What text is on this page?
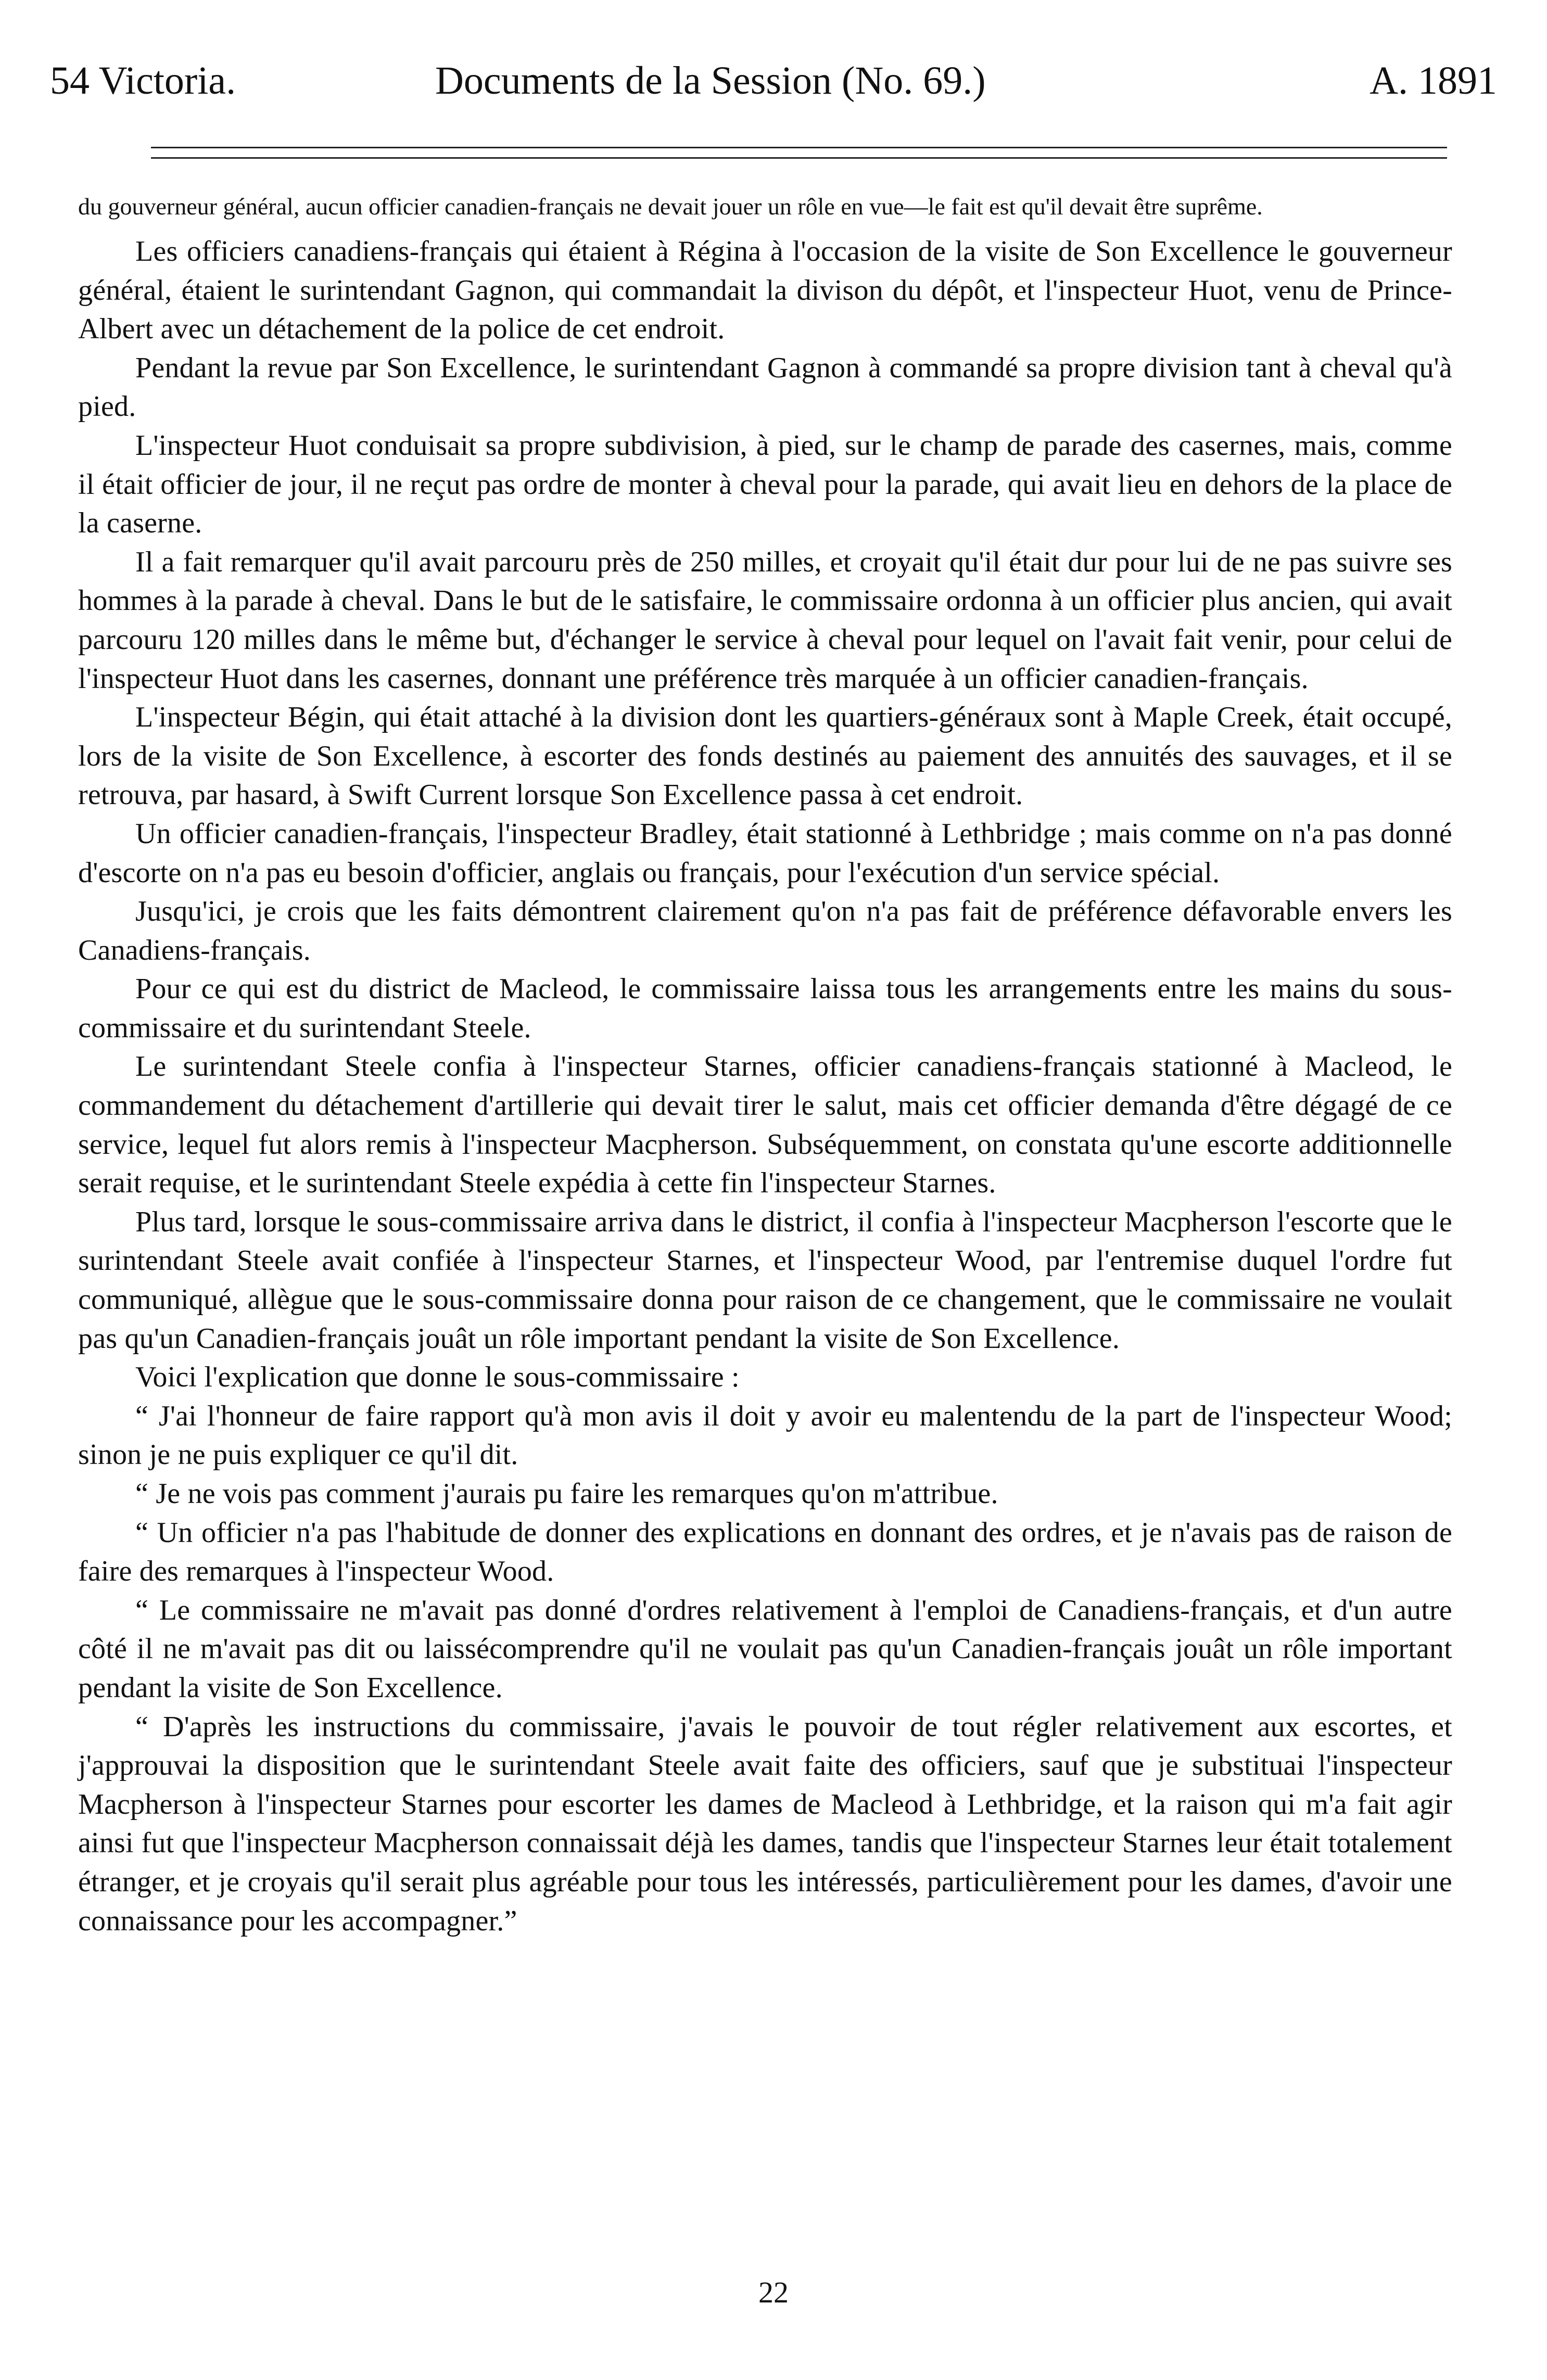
54 Victoria.	Documents de la Session (No. 69.)	A. 1891

du gouverneur général, aucun officier canadien-français ne devait jouer un rôle en vue—le fait est qu'il devait être suprême.

Les officiers canadiens-français qui étaient à Régina à l'occasion de la visite de Son Excellence le gouverneur général, étaient le surintendant Gagnon, qui commandait la divison du dépôt, et l'inspecteur Huot, venu de Prince-Albert avec un détachement de la police de cet endroit.

Pendant la revue par Son Excellence, le surintendant Gagnon à commandé sa propre division tant à cheval qu'à pied.

L'inspecteur Huot conduisait sa propre subdivision, à pied, sur le champ de parade des casernes, mais, comme il était officier de jour, il ne reçut pas ordre de monter à cheval pour la parade, qui avait lieu en dehors de la place de la caserne.

Il a fait remarquer qu'il avait parcouru près de 250 milles, et croyait qu'il était dur pour lui de ne pas suivre ses hommes à la parade à cheval. Dans le but de le satisfaire, le commissaire ordonna à un officier plus ancien, qui avait parcouru 120 milles dans le même but, d'échanger le service à cheval pour lequel on l'avait fait venir, pour celui de l'inspecteur Huot dans les casernes, donnant une préférence très marquée à un officier canadien-français.

L'inspecteur Bégin, qui était attaché à la division dont les quartiers-généraux sont à Maple Creek, était occupé, lors de la visite de Son Excellence, à escorter des fonds destinés au paiement des annuités des sauvages, et il se retrouva, par hasard, à Swift Current lorsque Son Excellence passa à cet endroit.

Un officier canadien-français, l'inspecteur Bradley, était stationné à Lethbridge ; mais comme on n'a pas donné d'escorte on n'a pas eu besoin d'officier, anglais ou français, pour l'exécution d'un service spécial.

Jusqu'ici, je crois que les faits démontrent clairement qu'on n'a pas fait de préférence défavorable envers les Canadiens-français.

Pour ce qui est du district de Macleod, le commissaire laissa tous les arrangements entre les mains du sous-commissaire et du surintendant Steele.

Le surintendant Steele confia à l'inspecteur Starnes, officier canadiens-français stationné à Macleod, le commandement du détachement d'artillerie qui devait tirer le salut, mais cet officier demanda d'être dégagé de ce service, lequel fut alors remis à l'inspecteur Macpherson. Subséquemment, on constata qu'une escorte additionnelle serait requise, et le surintendant Steele expédia à cette fin l'inspecteur Starnes.

Plus tard, lorsque le sous-commissaire arriva dans le district, il confia à l'inspecteur Macpherson l'escorte que le surintendant Steele avait confiée à l'inspecteur Starnes, et l'inspecteur Wood, par l'entremise duquel l'ordre fut communiqué, allègue que le sous-commissaire donna pour raison de ce changement, que le commissaire ne voulait pas qu'un Canadien-français jouât un rôle important pendant la visite de Son Excellence.

Voici l'explication que donne le sous-commissaire :

“ J'ai l'honneur de faire rapport qu'à mon avis il doit y avoir eu malentendu de la part de l'inspecteur Wood; sinon je ne puis expliquer ce qu'il dit.

“ Je ne vois pas comment j'aurais pu faire les remarques qu'on m'attribue.

“ Un officier n'a pas l'habitude de donner des explications en donnant des ordres, et je n'avais pas de raison de faire des remarques à l'inspecteur Wood.

“ Le commissaire ne m'avait pas donné d'ordres relativement à l'emploi de Canadiens-français, et d'un autre côté il ne m'avait pas dit ou laissécomprendre qu'il ne voulait pas qu'un Canadien-français jouât un rôle important pendant la visite de Son Excellence.

“ D'après les instructions du commissaire, j'avais le pouvoir de tout régler relativement aux escortes, et j'approuvai la disposition que le surintendant Steele avait faite des officiers, sauf que je substituai l'inspecteur Macpherson à l'inspecteur Starnes pour escorter les dames de Macleod à Lethbridge, et la raison qui m'a fait agir ainsi fut que l'inspecteur Macpherson connaissait déjà les dames, tandis que l'inspecteur Starnes leur était totalement étranger, et je croyais qu'il serait plus agréable pour tous les intéressés, particulièrement pour les dames, d'avoir une connaissance pour les accompagner.”

22
